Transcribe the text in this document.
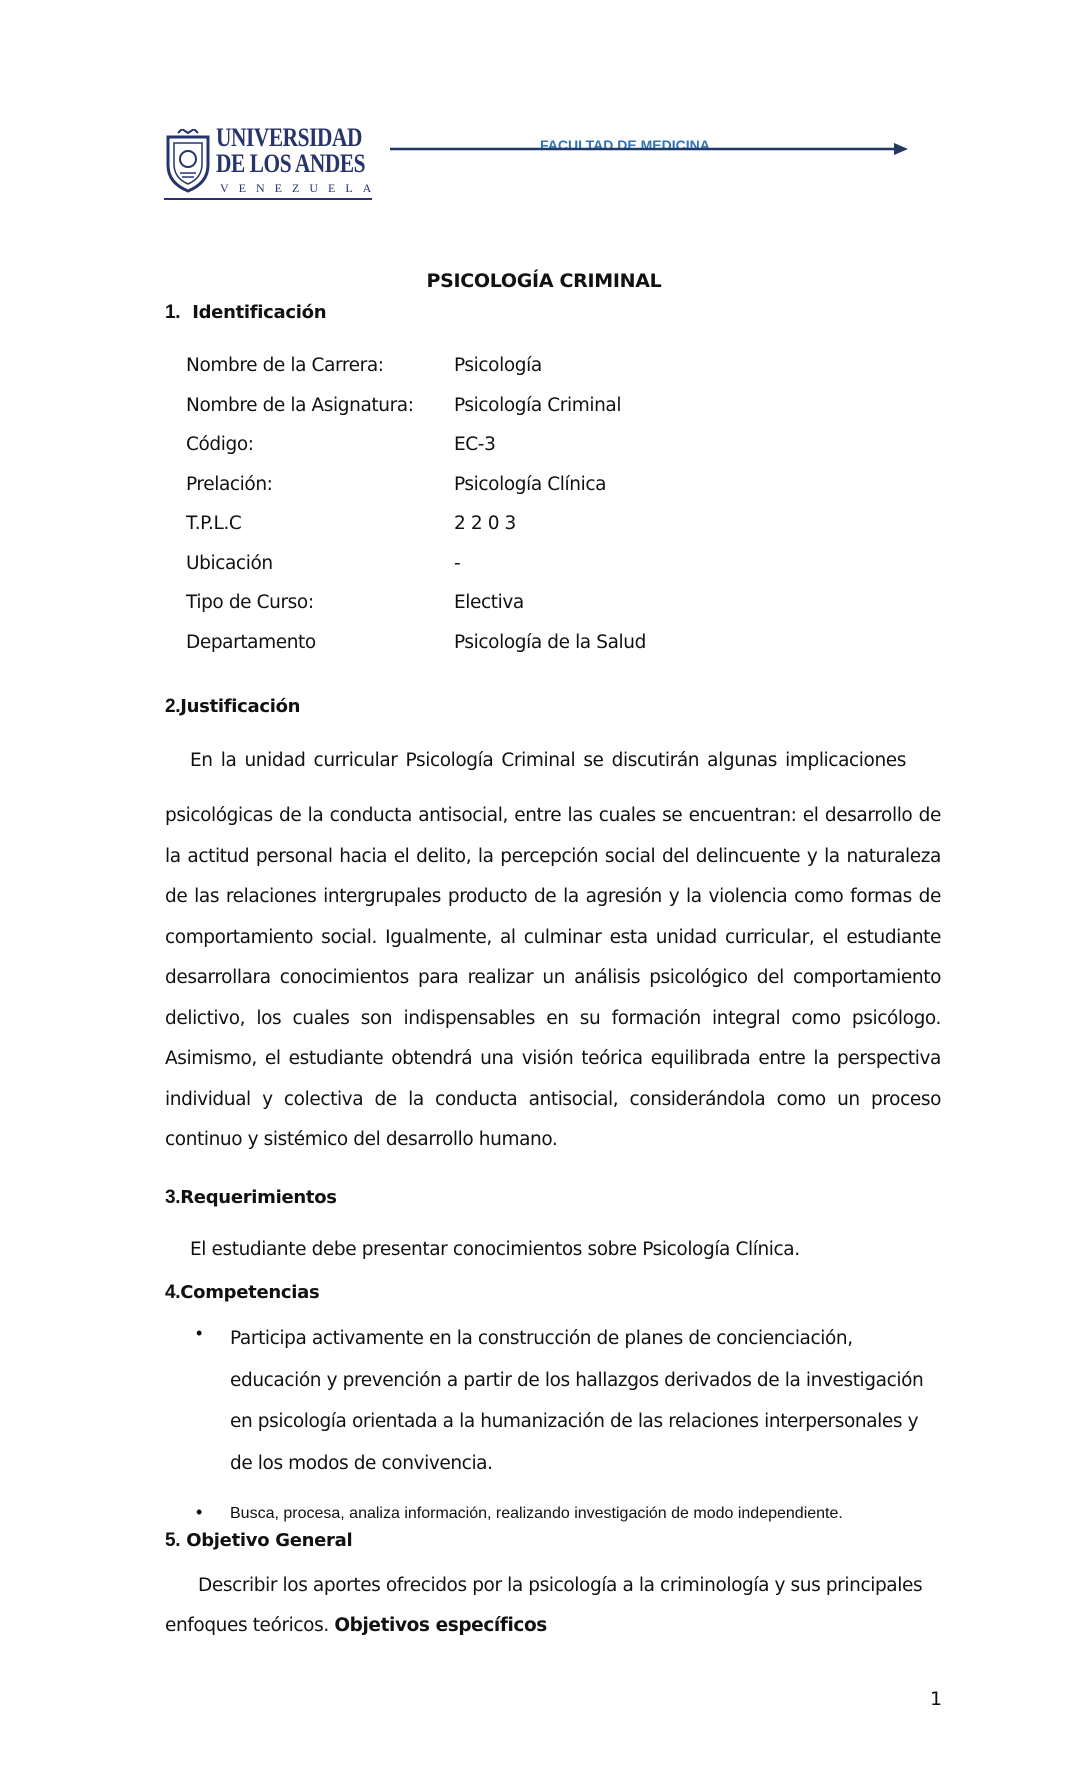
UNIVERSIDAD
DE LOS ANDES
VENEZUELA
FACULTAD DE MEDICINA
PSICOLOGÍA CRIMINAL
1. Identificación
Nombre de la Carrera:	Psicología
Nombre de la Asignatura: Psicología Criminal
Código:	EC-3
Prelación:	Psicología Clínica
T.P.L.C	2 2 0 3
Ubicación	-
Tipo de Curso:	Electiva
Departamento	Psicología de la Salud
2.Justificación
En la unidad curricular Psicología Criminal se discutirán algunas implicaciones

psicológicas de la conducta antisocial, entre las cuales se encuentran: el desarrollo de la actitud personal hacia el delito, la percepción social del delincuente y la naturaleza de las relaciones intergrupales producto de la agresión y la violencia como formas de comportamiento social. Igualmente, al culminar esta unidad curricular, el estudiante desarrollara conocimientos para realizar un análisis psicológico del comportamiento delictivo, los cuales son indispensables en su formación integral como psicólogo. Asimismo, el estudiante obtendrá una visión teórica equilibrada entre la perspectiva individual y colectiva de la conducta antisocial, considerándola como un proceso continuo y sistémico del desarrollo humano.

3.Requerimientos
El estudiante debe presentar conocimientos sobre Psicología Clínica.
4.Competencias
• Participa activamente en la construcción de planes de concienciación, educación y prevención a partir de los hallazgos derivados de la investigación en psicología orientada a la humanización de las relaciones interpersonales y de los modos de convivencia.
• Busca, procesa, analiza información, realizando investigación de modo independiente.
5. Objetivo General
Describir los aportes ofrecidos por la psicología a la criminología y sus principales
enfoques teóricos. Objetivos específicos
1
